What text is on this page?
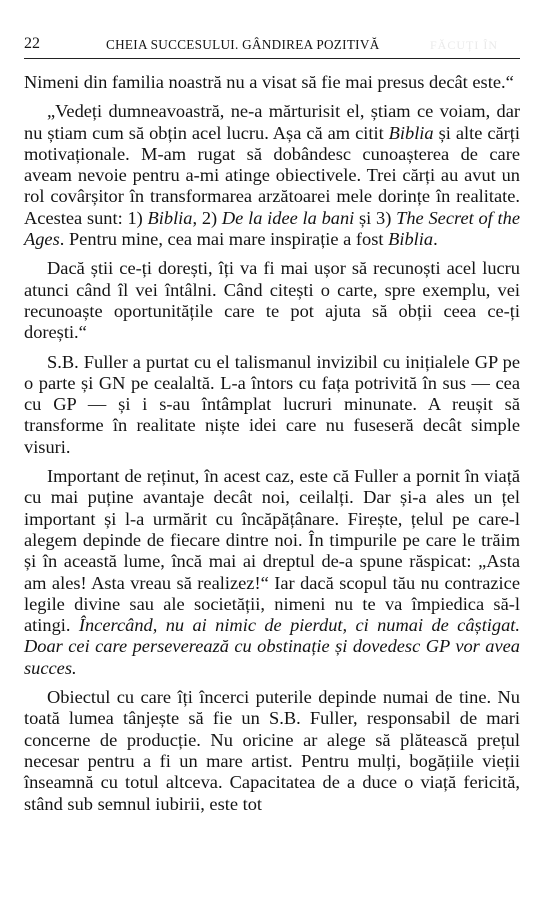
FĂCUȚI ÎN
22	CHEIA SUCCESULUI. GÂNDIREA POZITIVĂ

Nimeni din familia noastră nu a visat să fie mai presus decât este.“

„Vedeți dumneavoastră, ne-a mărturisit el, știam ce voiam, dar nu știam cum să obțin acel lucru. Așa că am citit Biblia și alte cărți motivaționale. M-am rugat să dobândesc cunoașterea de care aveam nevoie pentru a-mi atinge obiectivele. Trei cărți au avut un rol covârșitor în transformarea arzătoarei mele dorințe în realitate. Acestea sunt: 1) Biblia, 2) De la idee la bani și 3) The Secret of the Ages. Pentru mine, cea mai mare inspirație a fost Biblia.

Dacă știi ce-ți dorești, îți va fi mai ușor să recunoști acel lucru atunci când îl vei întâlni. Când citești o carte, spre exemplu, vei recunoaște oportunitățile care te pot ajuta să obții ceea ce-ți dorești.“

S.B. Fuller a purtat cu el talismanul invizibil cu inițialele GP pe o parte și GN pe cealaltă. L-a întors cu fața potrivită în sus — cea cu GP — și i s-au întâmplat lucruri minunate. A reușit să transforme în realitate niște idei care nu fuseseră decât simple visuri.

Important de reținut, în acest caz, este că Fuller a pornit în viață cu mai puține avantaje decât noi, ceilalți. Dar și-a ales un țel important și l-a urmărit cu încăpățânare. Firește, țelul pe care-l alegem depinde de fiecare dintre noi. În timpurile pe care le trăim și în această lume, încă mai ai dreptul de-a spune răspicat: „Asta am ales! Asta vreau să realizez!“ Iar dacă scopul tău nu contrazice legile divine sau ale societății, nimeni nu te va împiedica să-l atingi. Încercând, nu ai nimic de pierdut, ci numai de câștigat. Doar cei care perseverează cu obstinație și dovedesc GP vor avea succes.

Obiectul cu care îți încerci puterile depinde numai de tine. Nu toată lumea tânjește să fie un S.B. Fuller, responsabil de mari concerne de producție. Nu oricine ar alege să plătească prețul necesar pentru a fi un mare artist. Pentru mulți, bogățiile vieții înseamnă cu totul altceva. Capacitatea de a duce o viață fericită, stând sub semnul iubirii, este tot
